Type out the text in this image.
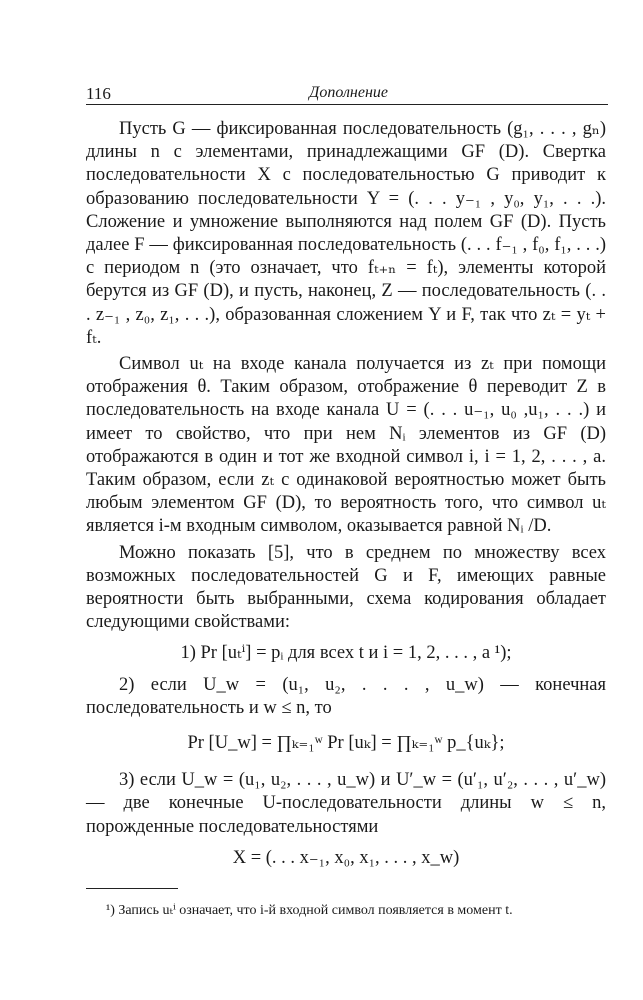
116	Дополнение

Пусть G — фиксированная последовательность (g₁, . . . , gₙ) длины n с элементами, принадлежащими GF (D). Свертка последовательности X с последовательностью G приводит к образованию последовательности Y = (. . . y₋₁ , y₀, y₁, . . .). Сложение и умножение выполняются над полем GF (D). Пусть далее F — фиксированная последовательность (. . . f₋₁ , f₀, f₁, . . .) с периодом n (это означает, что fₜ₊ₙ = fₜ), элементы которой берутся из GF (D), и пусть, наконец, Z — последовательность (. . . z₋₁ , z₀, z₁, . . .), образованная сложением Y и F, так что zₜ = yₜ + fₜ.

Символ uₜ на входе канала получается из zₜ при помощи отображения θ. Таким образом, отображение θ переводит Z в последовательность на входе канала U = (. . . u₋₁, u₀ ,u₁, . . .) и имеет то свойство, что при нем Nᵢ элементов из GF (D) отображаются в один и тот же входной символ i, i = 1, 2, . . . , a. Таким образом, если zₜ с одинаковой вероятностью может быть любым элементом GF (D), то вероятность того, что символ uₜ является i-м входным символом, оказывается равной Nᵢ /D.

Можно показать [5], что в среднем по множеству всех возможных последовательностей G и F, имеющих равные вероятности быть выбранными, схема кодирования обладает следующими свойствами:

1) Pr [uₜⁱ] = pᵢ для всех t и i = 1, 2, . . . , a ¹);

2) если U_w = (u₁, u₂, . . . , u_w) — конечная последовательность и w ≤ n, то

Pr [U_w] = ∏ₖ₌₁ʷ Pr [uₖ] = ∏ₖ₌₁ʷ p_{uₖ};

3) если U_w = (u₁, u₂, . . . , u_w) и U′_w = (u′₁, u′₂, . . . , u′_w) — две конечные U-последовательности длины w ≤ n, порожденные последовательностями

X = (. . . x₋₁, x₀, x₁, . . . , x_w)

¹) Запись uₜⁱ означает, что i-й входной символ появляется в момент t.
